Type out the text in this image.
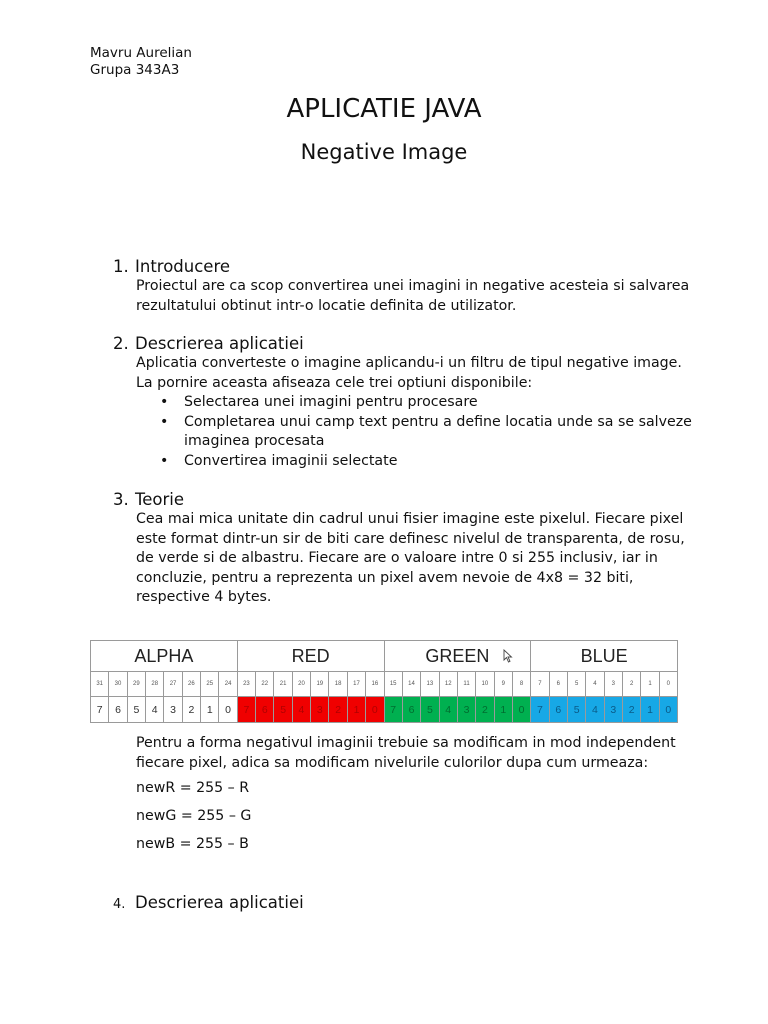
Mavru Aurelian
Grupa 343A3
APLICATIE JAVA
Negative Image
1. Introducere

Proiectul are ca scop convertirea unei imagini in negative acesteia si salvarea rezultatului obtinut intr-o locatie definita de utilizator.

2. Descrierea aplicatiei

Aplicatia converteste o imagine aplicandu-i un filtru de tipul negative image. La pornire aceasta afiseaza cele trei optiuni disponibile:

• Selectarea unei imagini pentru procesare
• Completarea unui camp text pentru a define locatia unde sa se salveze imaginea procesata
• Convertirea imaginii selectate
3. Teorie

Cea mai mica unitate din cadrul unui fisier imagine este pixelul. Fiecare pixel este format dintr-un sir de biti care definesc nivelul de transparenta, de rosu, de verde si de albastru. Fiecare are o valoare intre 0 si 255 inclusiv, iar in concluzie, pentru a reprezenta un pixel avem nevoie de 4x8 = 32 biti, respective 4 bytes.

ALPHA								RED								GREEN								BLUE							
31	30	29	28	27	26	25	24	23	22	21	20	19	18	17	16	15	14	13	12	11	10	9	8	7	6	5	4	3	2	1	0
7	6	5	4	3	2	1	0	7	6	5	4	3	2	1	0	7	6	5	4	3	2	1	0	7	6	5	4	3	2	1	0

Pentru a forma negativul imaginii trebuie sa modificam in mod independent fiecare pixel, adica sa modificam nivelurile culorilor dupa cum urmeaza:

newR = 255 – R
newG = 255 – G
newB = 255 – B
4. Descrierea aplicatiei
